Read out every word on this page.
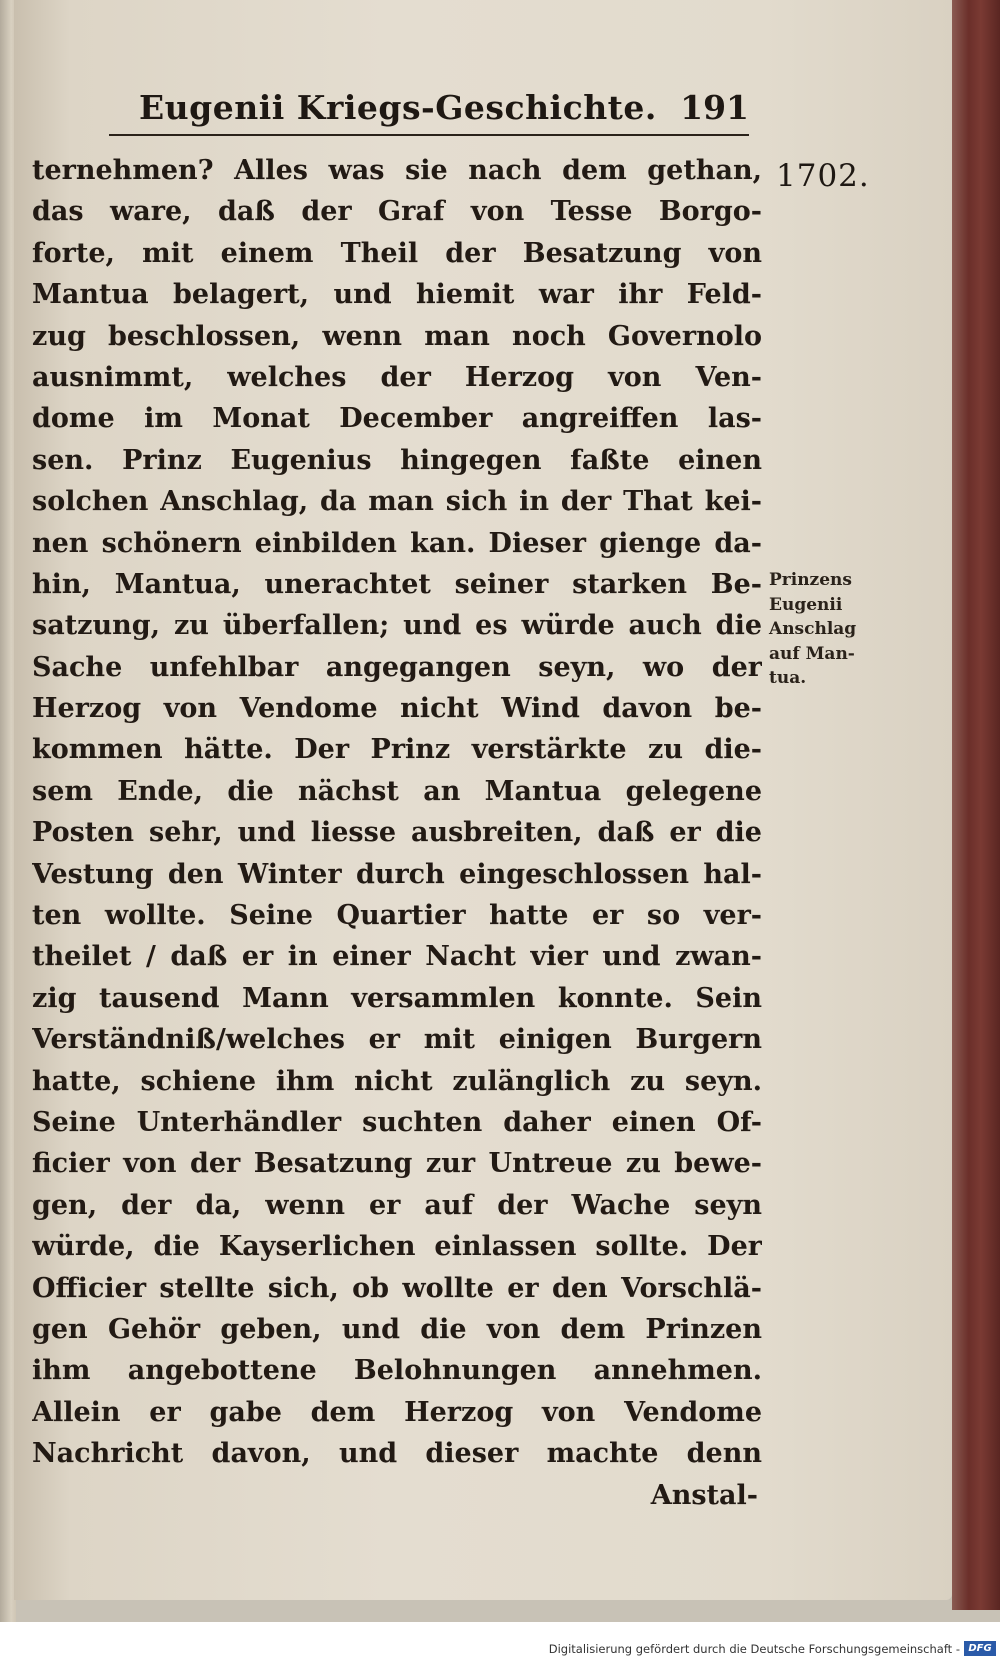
Eugenii Kriegs-Geschichte. 191
1702.
ternehmen? Alles was sie nach dem gethan,
das ware, daß der Graf von Tesse Borgo-
forte, mit einem Theil der Besatzung von
Mantua belagert, und hiemit war ihr Feld-
zug beschlossen, wenn man noch Governolo
ausnimmt, welches der Herzog von Ven-
dome im Monat December angreiffen las-
sen. Prinz Eugenius hingegen faßte einen
solchen Anschlag, da man sich in der That kei-
nen schönern einbilden kan. Dieser gienge da-
hin, Mantua, unerachtet seiner starken Be-
satzung, zu überfallen; und es würde auch die
Sache unfehlbar angegangen seyn, wo der
Herzog von Vendome nicht Wind davon be-
kommen hätte. Der Prinz verstärkte zu die-
sem Ende, die nächst an Mantua gelegene
Posten sehr, und liesse ausbreiten, daß er die
Vestung den Winter durch eingeschlossen hal-
ten wollte. Seine Quartier hatte er so ver-
theilet / daß er in einer Nacht vier und zwan-
zig tausend Mann versammlen konnte. Sein
Verständniß/welches er mit einigen Burgern
hatte, schiene ihm nicht zulänglich zu seyn.
Seine Unterhändler suchten daher einen Of-
ficier von der Besatzung zur Untreue zu bewe-
gen, der da, wenn er auf der Wache seyn
würde, die Kayserlichen einlassen sollte. Der
Officier stellte sich, ob wollte er den Vorschlä-
gen Gehör geben, und die von dem Prinzen
ihm angebottene Belohnungen annehmen.
Allein er gabe dem Herzog von Vendome
Nachricht davon, und dieser machte denn
Anstal-
Prinzens
Eugenii
Anschlag
auf Man-
tua.
Digitalisierung gefördert durch die Deutsche Forschungsgemeinschaft - DFG
